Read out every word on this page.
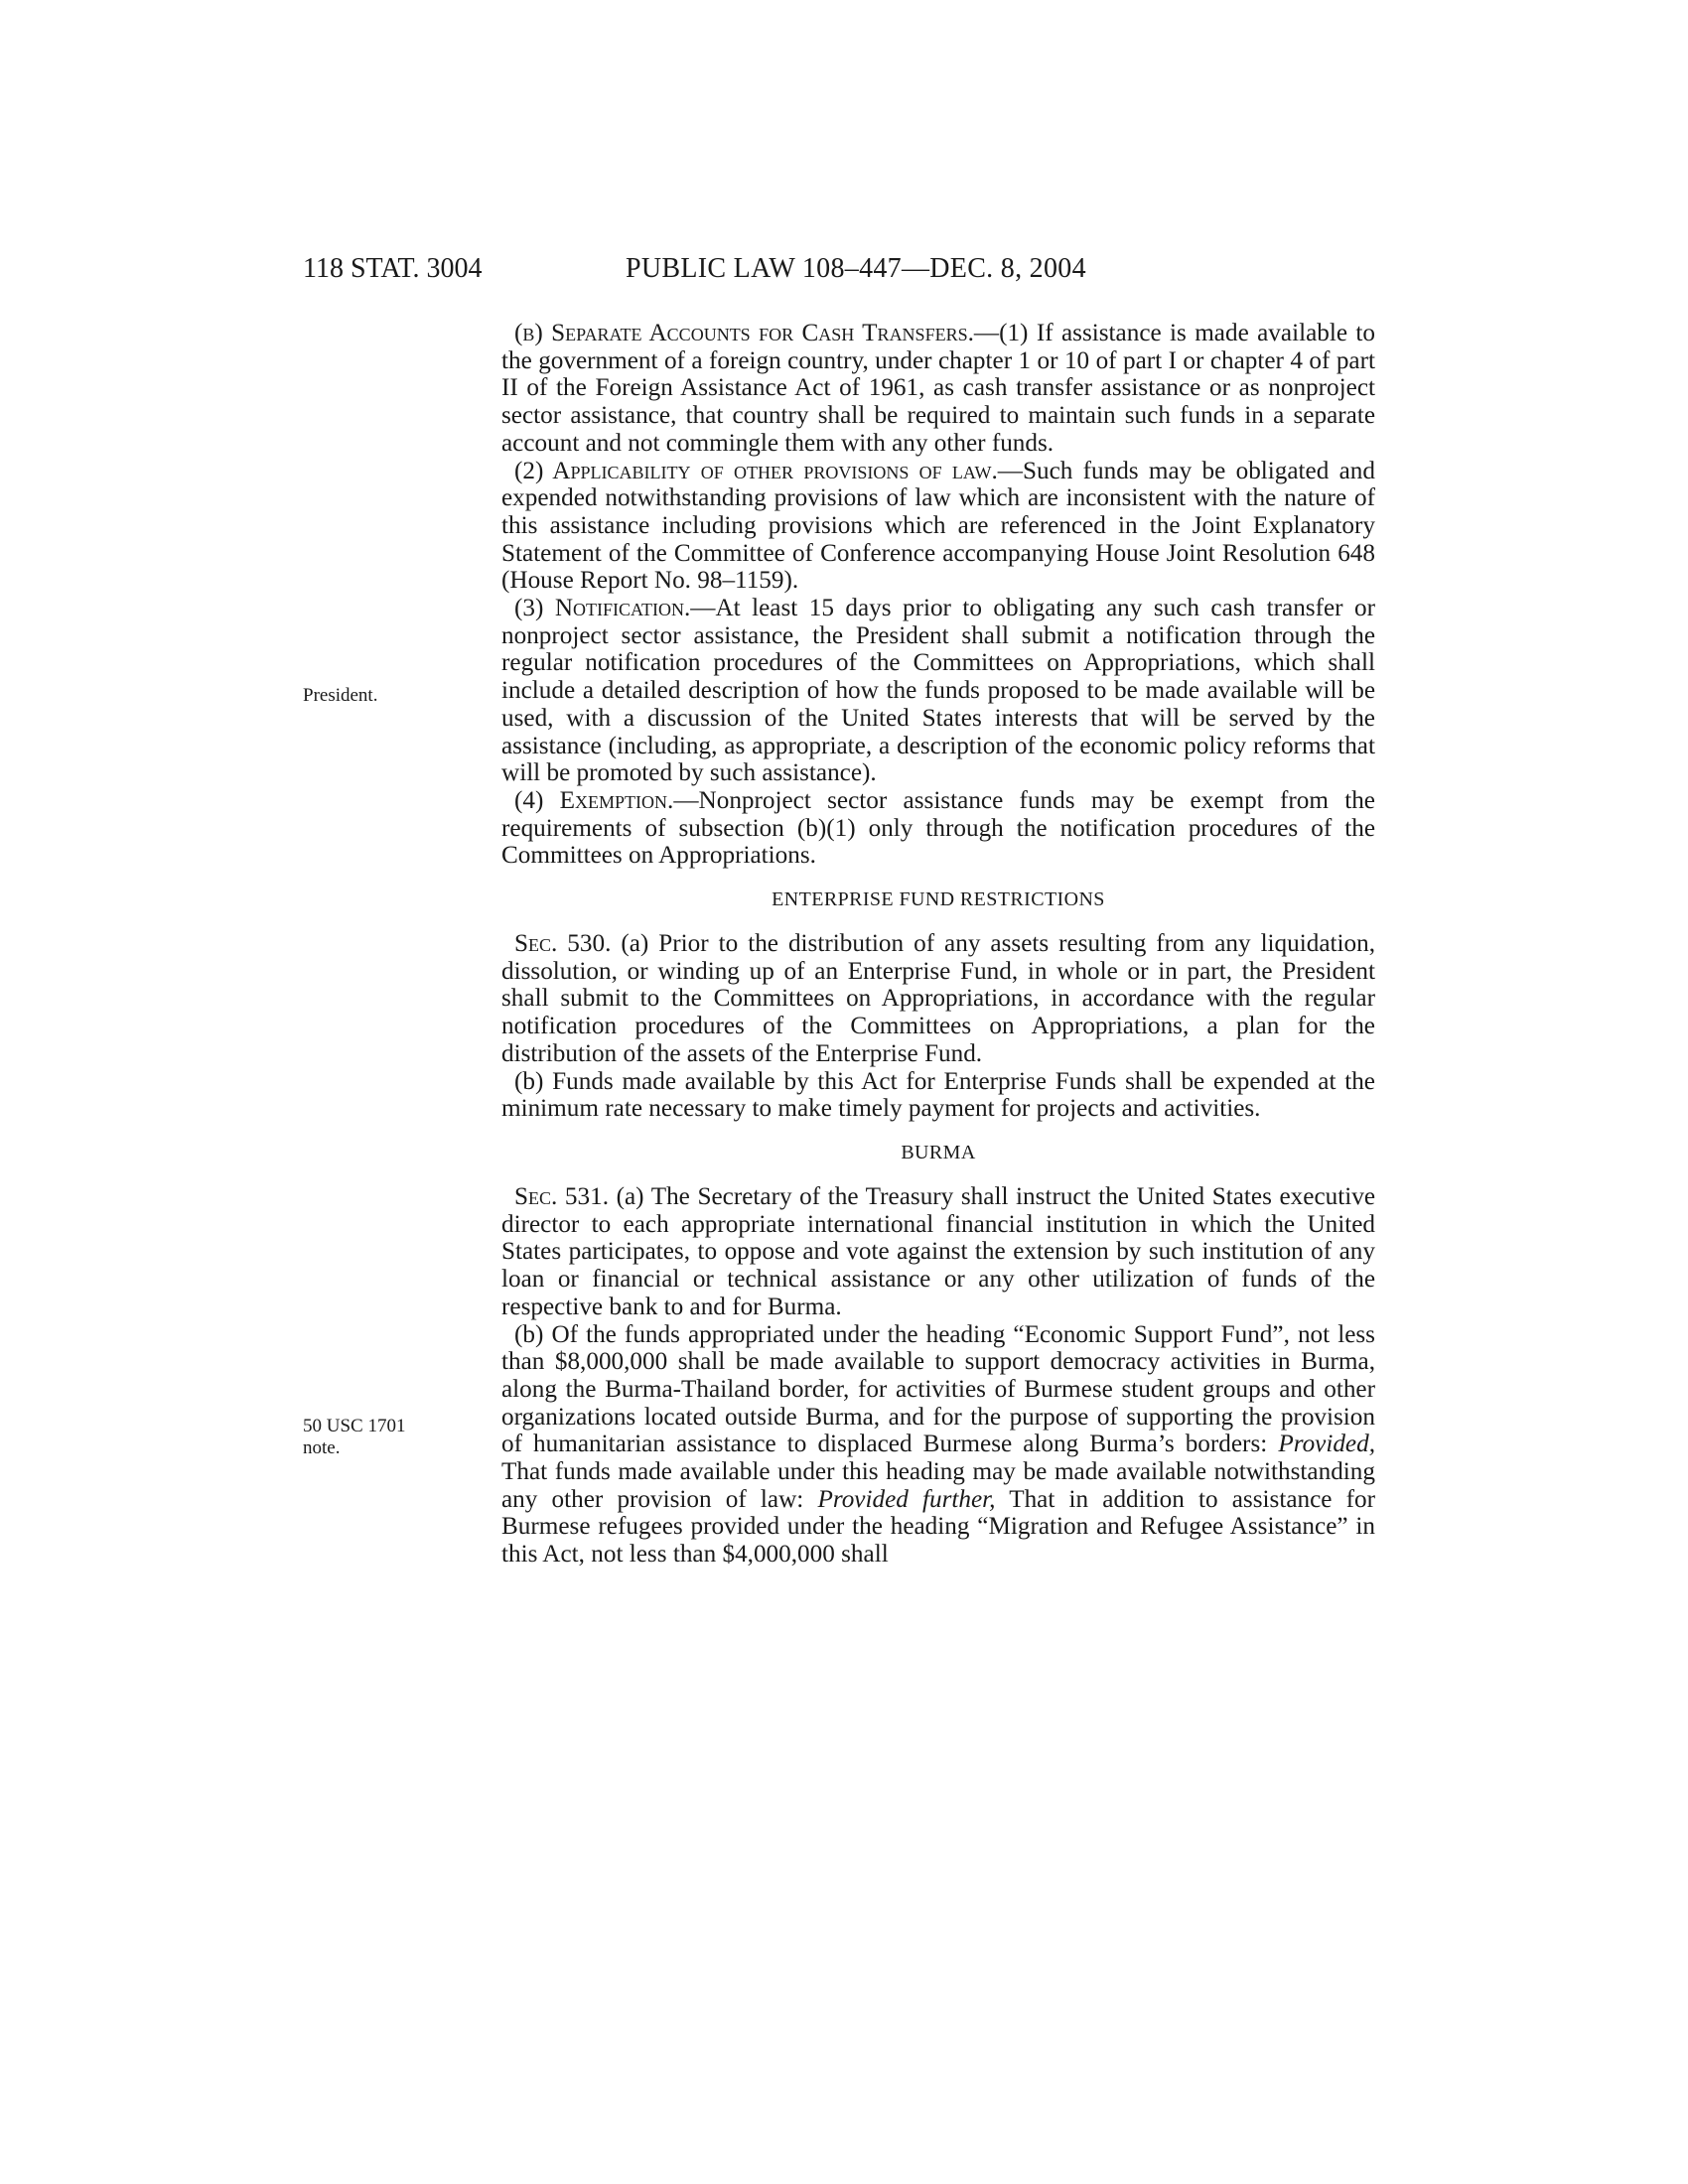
118 STAT. 3004	PUBLIC LAW 108–447—DEC. 8, 2004
President.
50 USC 1701
note.

(b) Separate Accounts for Cash Transfers.—(1) If assistance is made available to the government of a foreign country, under chapter 1 or 10 of part I or chapter 4 of part II of the Foreign Assistance Act of 1961, as cash transfer assistance or as nonproject sector assistance, that country shall be required to maintain such funds in a separate account and not commingle them with any other funds.

(2) Applicability of other provisions of law.—Such funds may be obligated and expended notwithstanding provisions of law which are inconsistent with the nature of this assistance including provisions which are referenced in the Joint Explanatory Statement of the Committee of Conference accompanying House Joint Resolution 648 (House Report No. 98–1159).

(3) Notification.—At least 15 days prior to obligating any such cash transfer or nonproject sector assistance, the President shall submit a notification through the regular notification procedures of the Committees on Appropriations, which shall include a detailed description of how the funds proposed to be made available will be used, with a discussion of the United States interests that will be served by the assistance (including, as appropriate, a description of the economic policy reforms that will be promoted by such assistance).

(4) Exemption.—Nonproject sector assistance funds may be exempt from the requirements of subsection (b)(1) only through the notification procedures of the Committees on Appropriations.

ENTERPRISE FUND RESTRICTIONS

Sec. 530. (a) Prior to the distribution of any assets resulting from any liquidation, dissolution, or winding up of an Enterprise Fund, in whole or in part, the President shall submit to the Committees on Appropriations, in accordance with the regular notification procedures of the Committees on Appropriations, a plan for the distribution of the assets of the Enterprise Fund.

(b) Funds made available by this Act for Enterprise Funds shall be expended at the minimum rate necessary to make timely payment for projects and activities.

BURMA

Sec. 531. (a) The Secretary of the Treasury shall instruct the United States executive director to each appropriate international financial institution in which the United States participates, to oppose and vote against the extension by such institution of any loan or financial or technical assistance or any other utilization of funds of the respective bank to and for Burma.

(b) Of the funds appropriated under the heading “Economic Support Fund”, not less than $8,000,000 shall be made available to support democracy activities in Burma, along the Burma-Thailand border, for activities of Burmese student groups and other organizations located outside Burma, and for the purpose of supporting the provision of humanitarian assistance to displaced Burmese along Burma’s borders: Provided, That funds made available under this heading may be made available notwithstanding any other provision of law: Provided further, That in addition to assistance for Burmese refugees provided under the heading “Migration and Refugee Assistance” in this Act, not less than $4,000,000 shall
